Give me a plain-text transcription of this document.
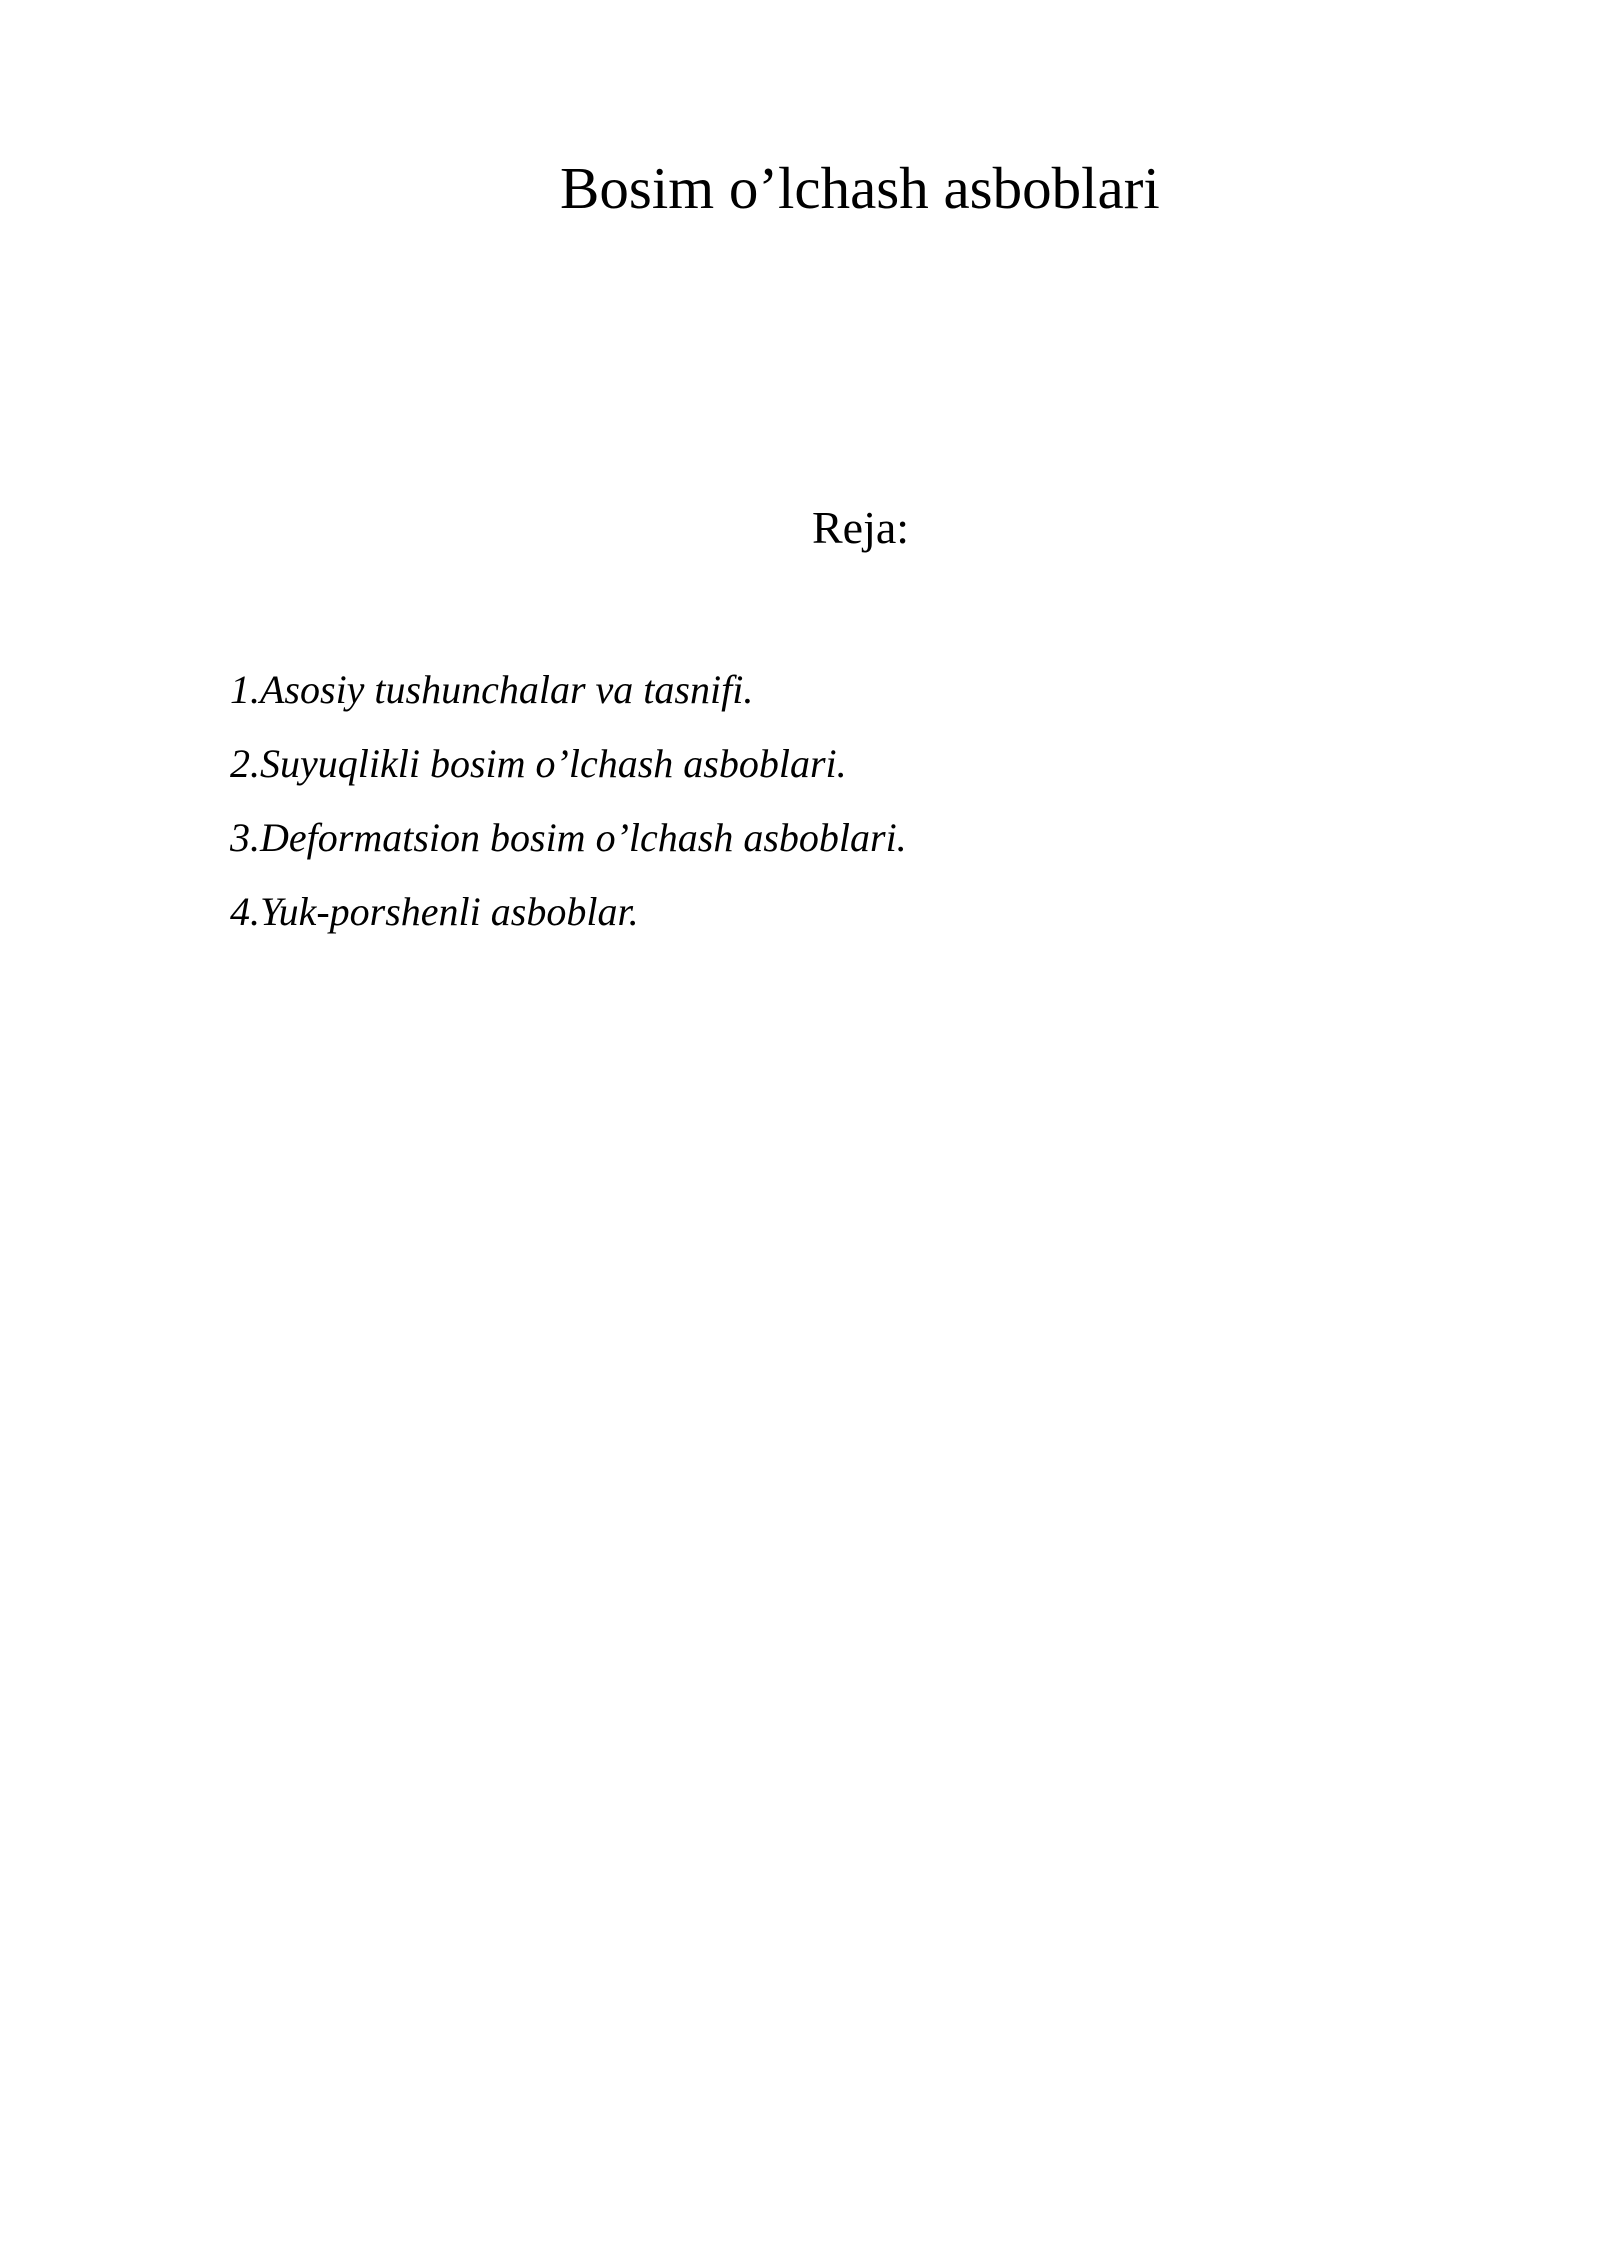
Bosim o’lchash asboblari
Reja:
1.Asosiy tushunchalar va tasnifi.
2.Suyuqlikli bosim o’lchash asboblari.
3.Deformatsion bosim o’lchash asboblari.
4.Yuk-porshenli asboblar.
